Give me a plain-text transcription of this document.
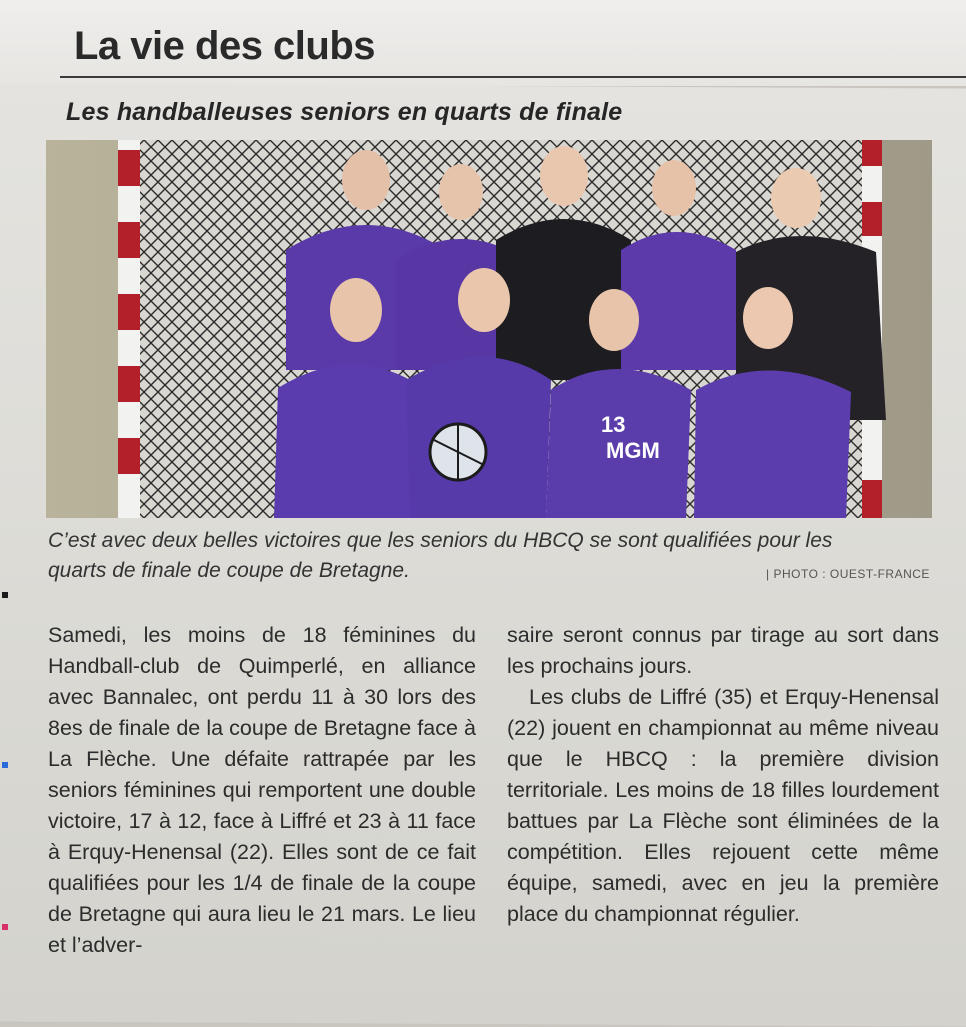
La vie des clubs
Les handballeuses seniors en quarts de finale
13
MGM
C’est avec deux belles victoires que les seniors du HBCQ se sont qualifiées pour les quarts de finale de coupe de Bretagne.	| PHOTO : OUEST-FRANCE

Samedi, les moins de 18 féminines du Handball-club de Quimperlé, en alliance avec Bannalec, ont perdu 11 à 30 lors des 8es de finale de la coupe de Bretagne face à La Flèche. Une défaite rattrapée par les seniors féminines qui remportent une double victoire, 17 à 12, face à Liffré et 23 à 11 face à Erquy-Henensal (22). Elles sont de ce fait qualifiées pour les 1/4 de finale de la coupe de Bretagne qui aura lieu le 21 mars. Le lieu et l’adver-

saire seront connus par tirage au sort dans les prochains jours.

Les clubs de Liffré (35) et Erquy-Henensal (22) jouent en championnat au même niveau que le HBCQ : la première division territoriale. Les moins de 18 filles lourdement battues par La Flèche sont éliminées de la compétition. Elles rejouent cette même équipe, samedi, avec en jeu la première place du championnat régulier.
